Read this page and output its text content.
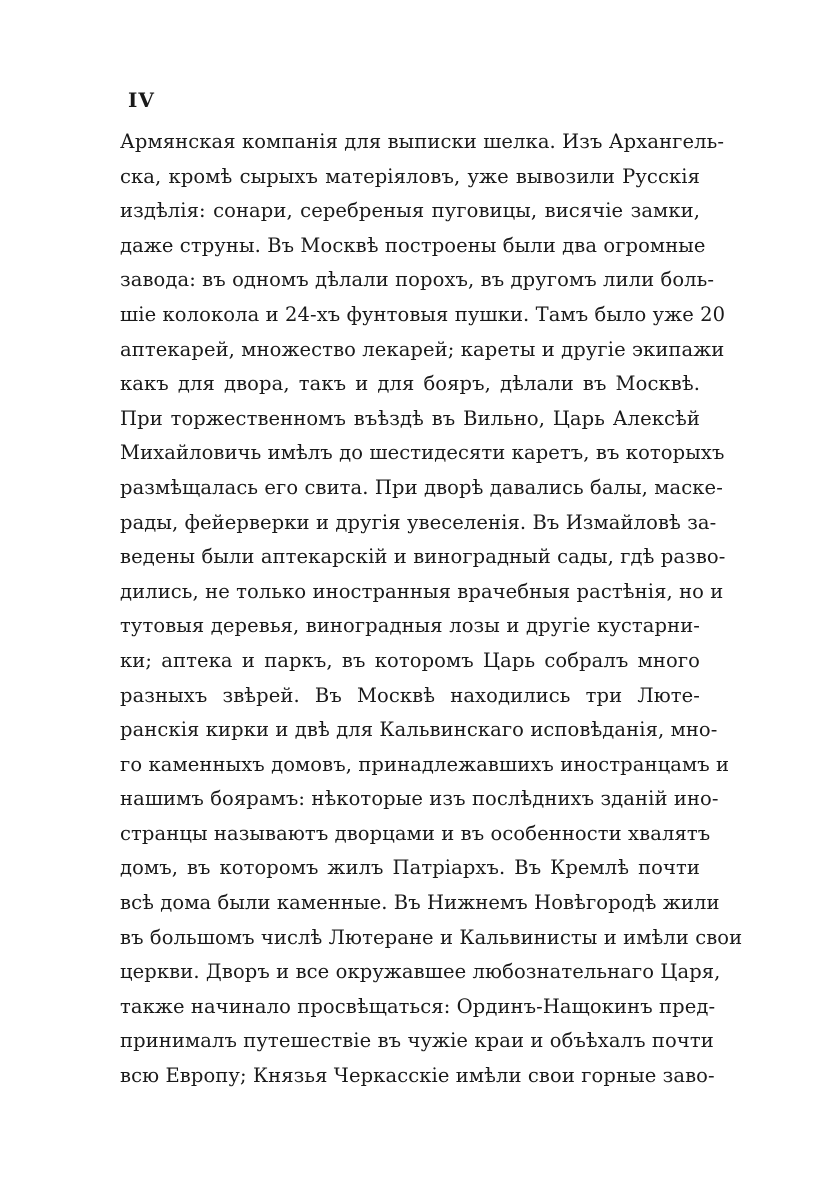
IV

Армянская компанія для выписки шелка. Изъ Архангель-
ска, кромѣ сырыхъ матеріяловъ, уже вывозили Русскія
издѣлія: сонари, серебреныя пуговицы, висячіе замки,
даже струны. Въ Москвѣ построены были два огромные
завода: въ одномъ дѣлали порохъ, въ другомъ лили боль-
шіе колокола и 24-хъ фунтовыя пушки. Тамъ было уже 20
аптекарей, множество лекарей; кареты и другіе экипажи
какъ для двора, такъ и для бояръ, дѣлали въ Москвѣ.
При торжественномъ въѣздѣ въ Вильно, Царь Алексѣй
Михайловичь имѣлъ до шестидесяти каретъ, въ которыхъ
размѣщалась его свита. При дворѣ давались балы, маске-
рады, фейерверки и другія увеселенія. Въ Измайловѣ за-
ведены были аптекарскій и виноградный сады, гдѣ разво-
дились, не только иностранныя врачебныя растѣнія, но и
тутовыя деревья, виноградныя лозы и другіе кустарни-
ки; аптека и паркъ, въ которомъ Царь собралъ много
разныхъ звѣрей. Въ Москвѣ находились три Люте-
ранскія кирки и двѣ для Кальвинскаго исповѣданія, мно-
го каменныхъ домовъ, принадлежавшихъ иностранцамъ и
нашимъ боярамъ: нѣкоторые изъ послѣднихъ зданій ино-
странцы называютъ дворцами и въ особенности хвалятъ
домъ, въ которомъ жилъ Патріархъ. Въ Кремлѣ почти
всѣ дома были каменные. Въ Нижнемъ Новѣгородѣ жили
въ большомъ числѣ Лютеране и Кальвинисты и имѣли свои
церкви. Дворъ и все окружавшее любознательнаго Царя,
также начинало просвѣщаться: Ординъ-Нащокинъ пред-
принималъ путешествіе въ чужіе краи и объѣхалъ почти
всю Европу; Князья Черкасскіе имѣли свои горные заво-
